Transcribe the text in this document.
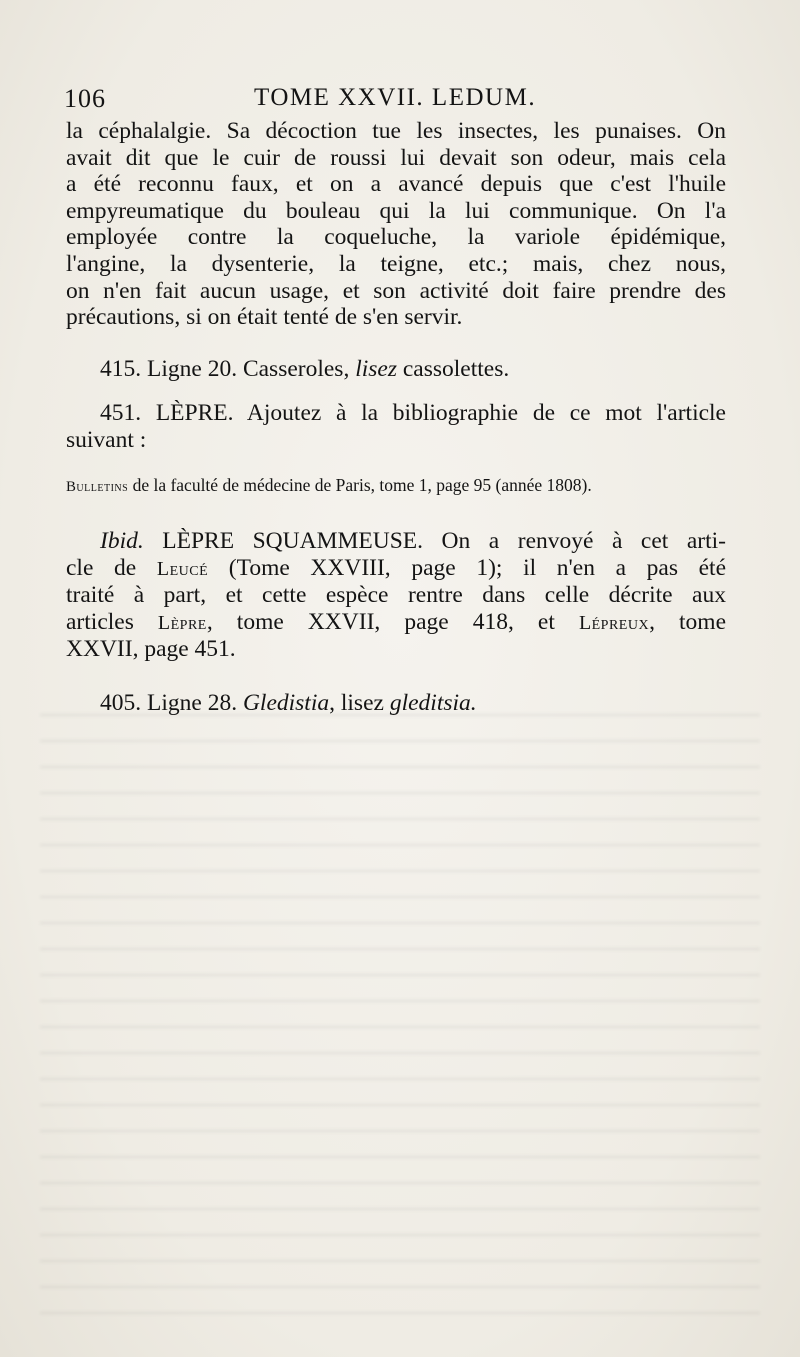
106	TOME XXVII. LEDUM.
la céphalalgie. Sa décoction tue les insectes, les punaises. On
avait dit que le cuir de roussi lui devait son odeur, mais cela
a été reconnu faux, et on a avancé depuis que c'est l'huile
empyreumatique du bouleau qui la lui communique. On l'a
employée contre la coqueluche, la variole épidémique,
l'angine, la dysenterie, la teigne, etc.; mais, chez nous,
on n'en fait aucun usage, et son activité doit faire prendre des
précautions, si on était tenté de s'en servir.
415. Ligne 20. Casseroles, lisez cassolettes.
451. LÈPRE. Ajoutez à la bibliographie de ce mot l'article
suivant :
Bulletins de la faculté de médecine de Paris, tome 1, page 95 (année 1808).
Ibid. LÈPRE SQUAMMEUSE. On a renvoyé à cet arti-
cle de Leucé (Tome XXVIII, page 1); il n'en a pas été
traité à part, et cette espèce rentre dans celle décrite aux
articles Lèpre, tome XXVII, page 418, et Lépreux, tome
XXVII, page 451.
405. Ligne 28. Gledistia, lisez gleditsia.
